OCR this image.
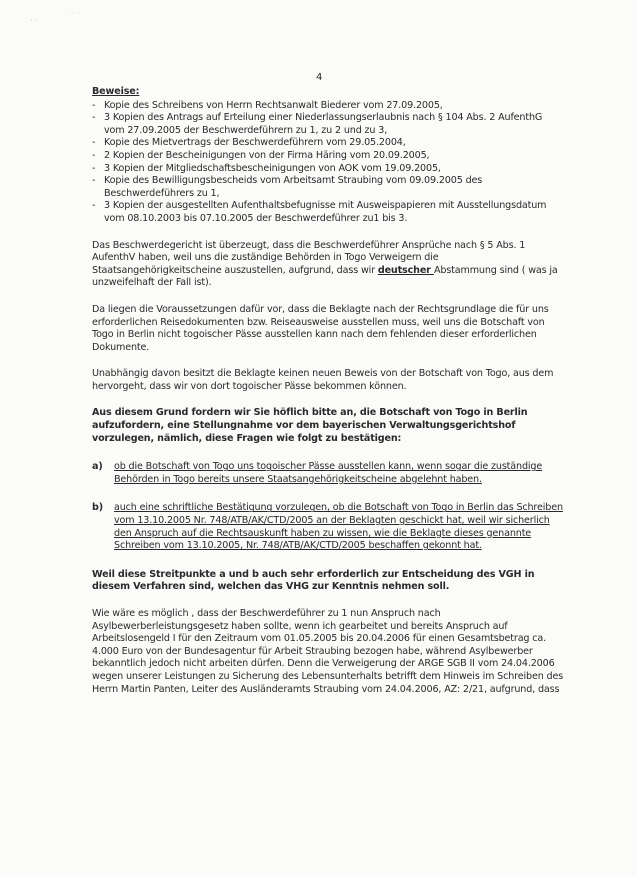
· ·	˙ ˙
4
Beweise:
- Kopie des Schreibens von Herrn Rechtsanwalt Biederer vom 27.09.2005,
- 3 Kopien des Antrags auf Erteilung einer Niederlassungserlaubnis nach § 104 Abs. 2 AufenthG vom 27.09.2005 der Beschwerdeführern zu 1, zu 2 und zu 3,
- Kopie des Mietvertrags der Beschwerdeführern vom 29.05.2004,
- 2 Kopien der Bescheinigungen von der Firma Häring vom 20.09.2005,
- 3 Kopien der Mitgliedschaftsbescheinigungen von AOK vom 19.09.2005,
- Kopie des Bewilligungsbescheids vom Arbeitsamt Straubing vom 09.09.2005 des Beschwerdeführers zu 1,
- 3 Kopien der ausgestellten Aufenthaltsbefugnisse mit Ausweispapieren mit Ausstellungsdatum vom 08.10.2003 bis 07.10.2005 der Beschwerdeführer zu1 bis 3.

Das Beschwerdegericht ist überzeugt, dass die Beschwerdeführer Ansprüche nach § 5 Abs. 1 AufenthV haben, weil uns die zuständige Behörden in Togo Verweigern die Staatsangehörigkeitscheine auszustellen, aufgrund, dass wir deutscher Abstammung sind ( was ja unzweifelhaft der Fall ist).

Da liegen die Voraussetzungen dafür vor, dass die Beklagte nach der Rechtsgrundlage die für uns erforderlichen Reisedokumenten bzw. Reiseausweise ausstellen muss, weil uns die Botschaft von Togo in Berlin nicht togoischer Pässe ausstellen kann nach dem fehlenden dieser erforderlichen Dokumente.

Unabhängig davon besitzt die Beklagte keinen neuen Beweis von der Botschaft von Togo, aus dem hervorgeht, dass wir von dort togoischer Pässe bekommen können.

Aus diesem Grund fordern wir Sie höflich bitte an, die Botschaft von Togo in Berlin aufzufordern, eine Stellungnahme vor dem bayerischen Verwaltungsgerichtshof vorzulegen, nämlich, diese Fragen wie folgt zu bestätigen:

a) ob die Botschaft von Togo uns togoischer Pässe ausstellen kann, wenn sogar die zuständige Behörden in Togo bereits unsere Staatsangehörigkeitscheine abgelehnt haben.
b) auch eine schriftliche Bestätigung vorzulegen, ob die Botschaft von Togo in Berlin das Schreiben vom 13.10.2005 Nr. 748/ATB/AK/CTD/2005 an der Beklagten geschickt hat, weil wir sicherlich den Anspruch auf die Rechtsauskunft haben zu wissen, wie die Beklagte dieses genannte Schreiben vom 13.10.2005, Nr. 748/ATB/AK/CTD/2005 beschaffen gekonnt hat.

Weil diese Streitpunkte a und b auch sehr erforderlich zur Entscheidung des VGH in diesem Verfahren sind, welchen das VHG zur Kenntnis nehmen soll.

Wie wäre es möglich , dass der Beschwerdeführer zu 1 nun Anspruch nach Asylbewerberleistungsgesetz haben sollte, wenn ich gearbeitet und bereits Anspruch auf Arbeitslosengeld I für den Zeitraum vom 01.05.2005 bis 20.04.2006 für einen Gesamtsbetrag ca. 4.000 Euro von der Bundesagentur für Arbeit Straubing bezogen habe, während Asylbewerber bekanntlich jedoch nicht arbeiten dürfen. Denn die Verweigerung der ARGE SGB II vom 24.04.2006 wegen unserer Leistungen zu Sicherung des Lebensunterhalts betrifft dem Hinweis im Schreiben des Herrn Martin Panten, Leiter des Ausländeramts Straubing vom 24.04.2006, AZ: 2/21, aufgrund, dass
